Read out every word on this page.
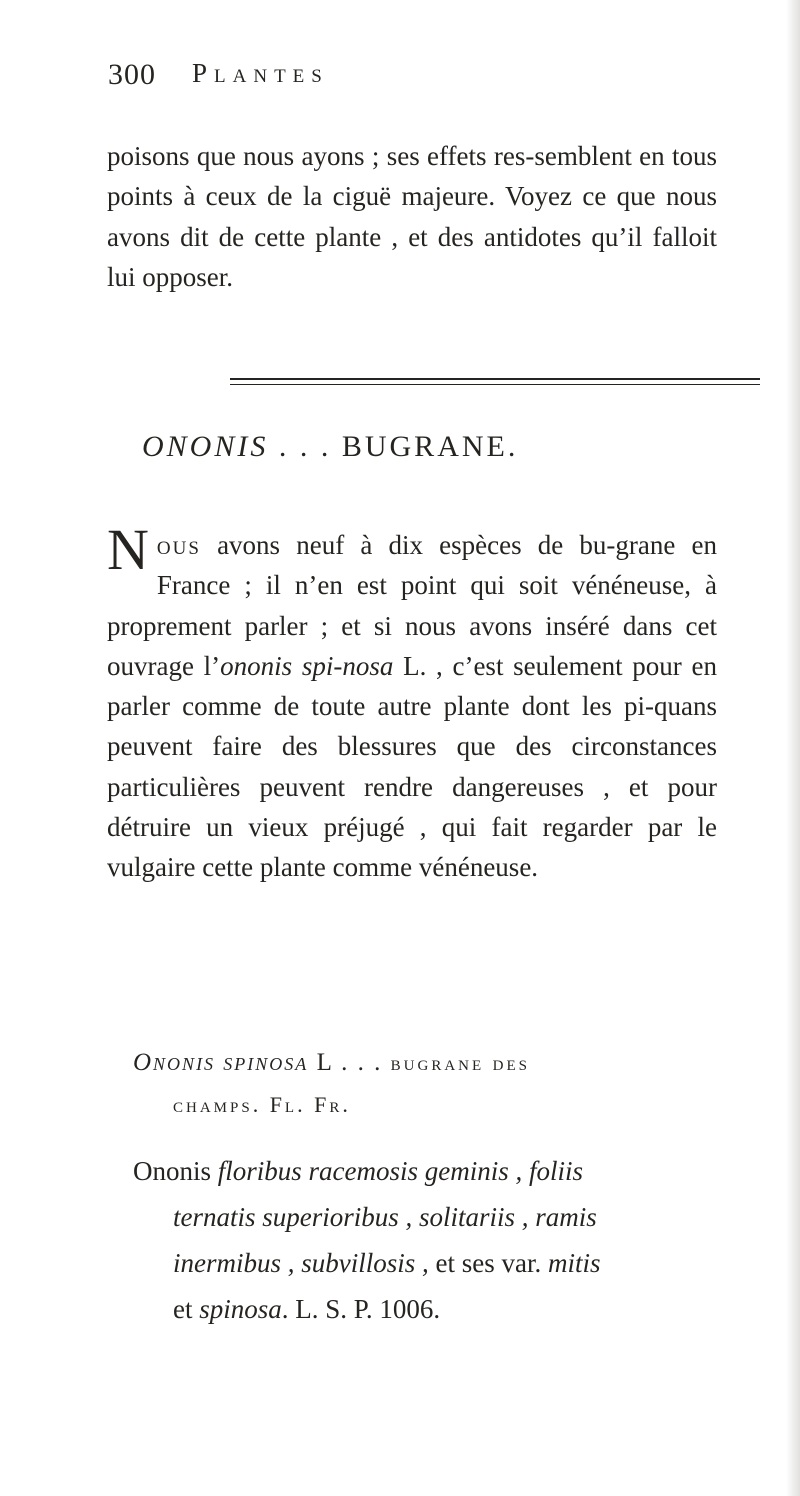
300 Plantes

poisons que nous ayons ; ses effets res-semblent en tous points à ceux de la ciguë majeure. Voyez ce que nous avons dit de cette plante , et des antidotes qu’il falloit lui opposer.

ONONIS . . . BUGRANE.

Nous avons neuf à dix espèces de bu-grane en France ; il n’en est point qui soit vénéneuse, à proprement parler ; et si nous avons inséré dans cet ouvrage l’ononis spi-nosa L. , c’est seulement pour en parler comme de toute autre plante dont les pi-quans peuvent faire des blessures que des circonstances particulières peuvent rendre dangereuses , et pour détruire un vieux préjugé , qui fait regarder par le vulgaire cette plante comme vénéneuse.

Ononis spinosa L . . . bugrane des
champs. Fl. Fr.
Ononis floribus racemosis geminis , foliis
ternatis superioribus , solitariis , ramis
inermibus , subvillosis , et ses var. mitis
et spinosa. L. S. P. 1006.
